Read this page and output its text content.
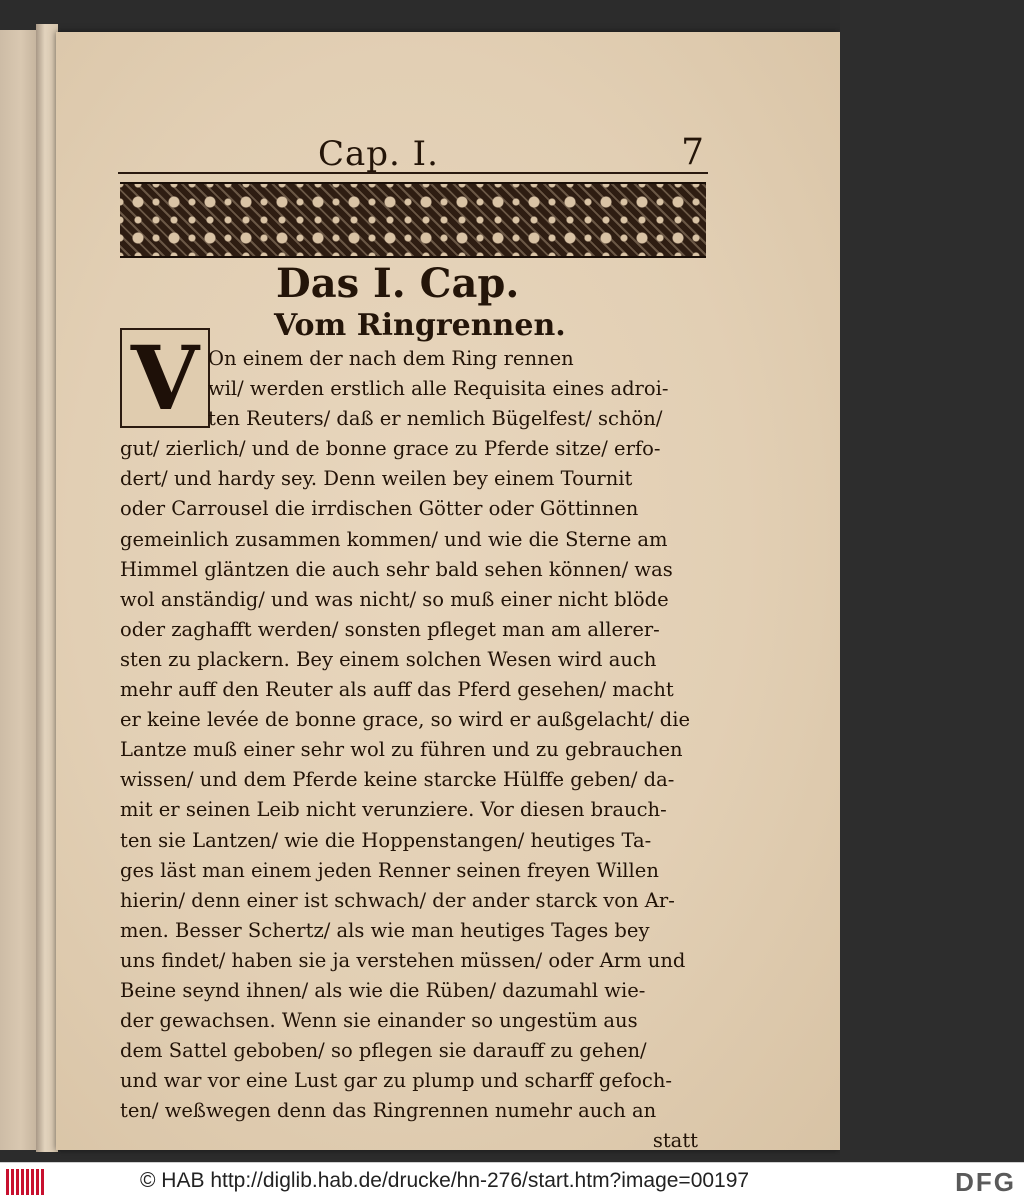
Cap. I.	7
Das I. Cap.
Vom Ringrennen.
V On einem der nach dem Ring rennen
wil/ werden erstlich alle Requisita eines adroi-
ten Reuters/ daß er nemlich Bügelfest/ schön/
gut/ zierlich/ und de bonne grace zu Pferde sitze/ erfo-
dert/ und hardy sey. Denn weilen bey einem Tournit
oder Carrousel die irrdischen Götter oder Göttinnen
gemeinlich zusammen kommen/ und wie die Sterne am
Himmel gläntzen die auch sehr bald sehen können/ was
wol anständig/ und was nicht/ so muß einer nicht blöde
oder zaghafft werden/ sonsten pfleget man am allerer-
sten zu plackern. Bey einem solchen Wesen wird auch
mehr auff den Reuter als auff das Pferd gesehen/ macht
er keine levée de bonne grace, so wird er außgelacht/ die
Lantze muß einer sehr wol zu führen und zu gebrauchen
wissen/ und dem Pferde keine starcke Hülffe geben/ da-
mit er seinen Leib nicht verunziere. Vor diesen brauch-
ten sie Lantzen/ wie die Hoppenstangen/ heutiges Ta-
ges läst man einem jeden Renner seinen freyen Willen
hierin/ denn einer ist schwach/ der ander starck von Ar-
men. Besser Schertz/ als wie man heutiges Tages bey
uns findet/ haben sie ja verstehen müssen/ oder Arm und
Beine seynd ihnen/ als wie die Rüben/ dazumahl wie-
der gewachsen. Wenn sie einander so ungestüm aus
dem Sattel geboben/ so pflegen sie darauff zu gehen/
und war vor eine Lust gar zu plump und scharff gefoch-
ten/ weßwegen denn das Ringrennen numehr auch an
statt
© HAB http://diglib.hab.de/drucke/hn-276/start.htm?image=00197	DFG
